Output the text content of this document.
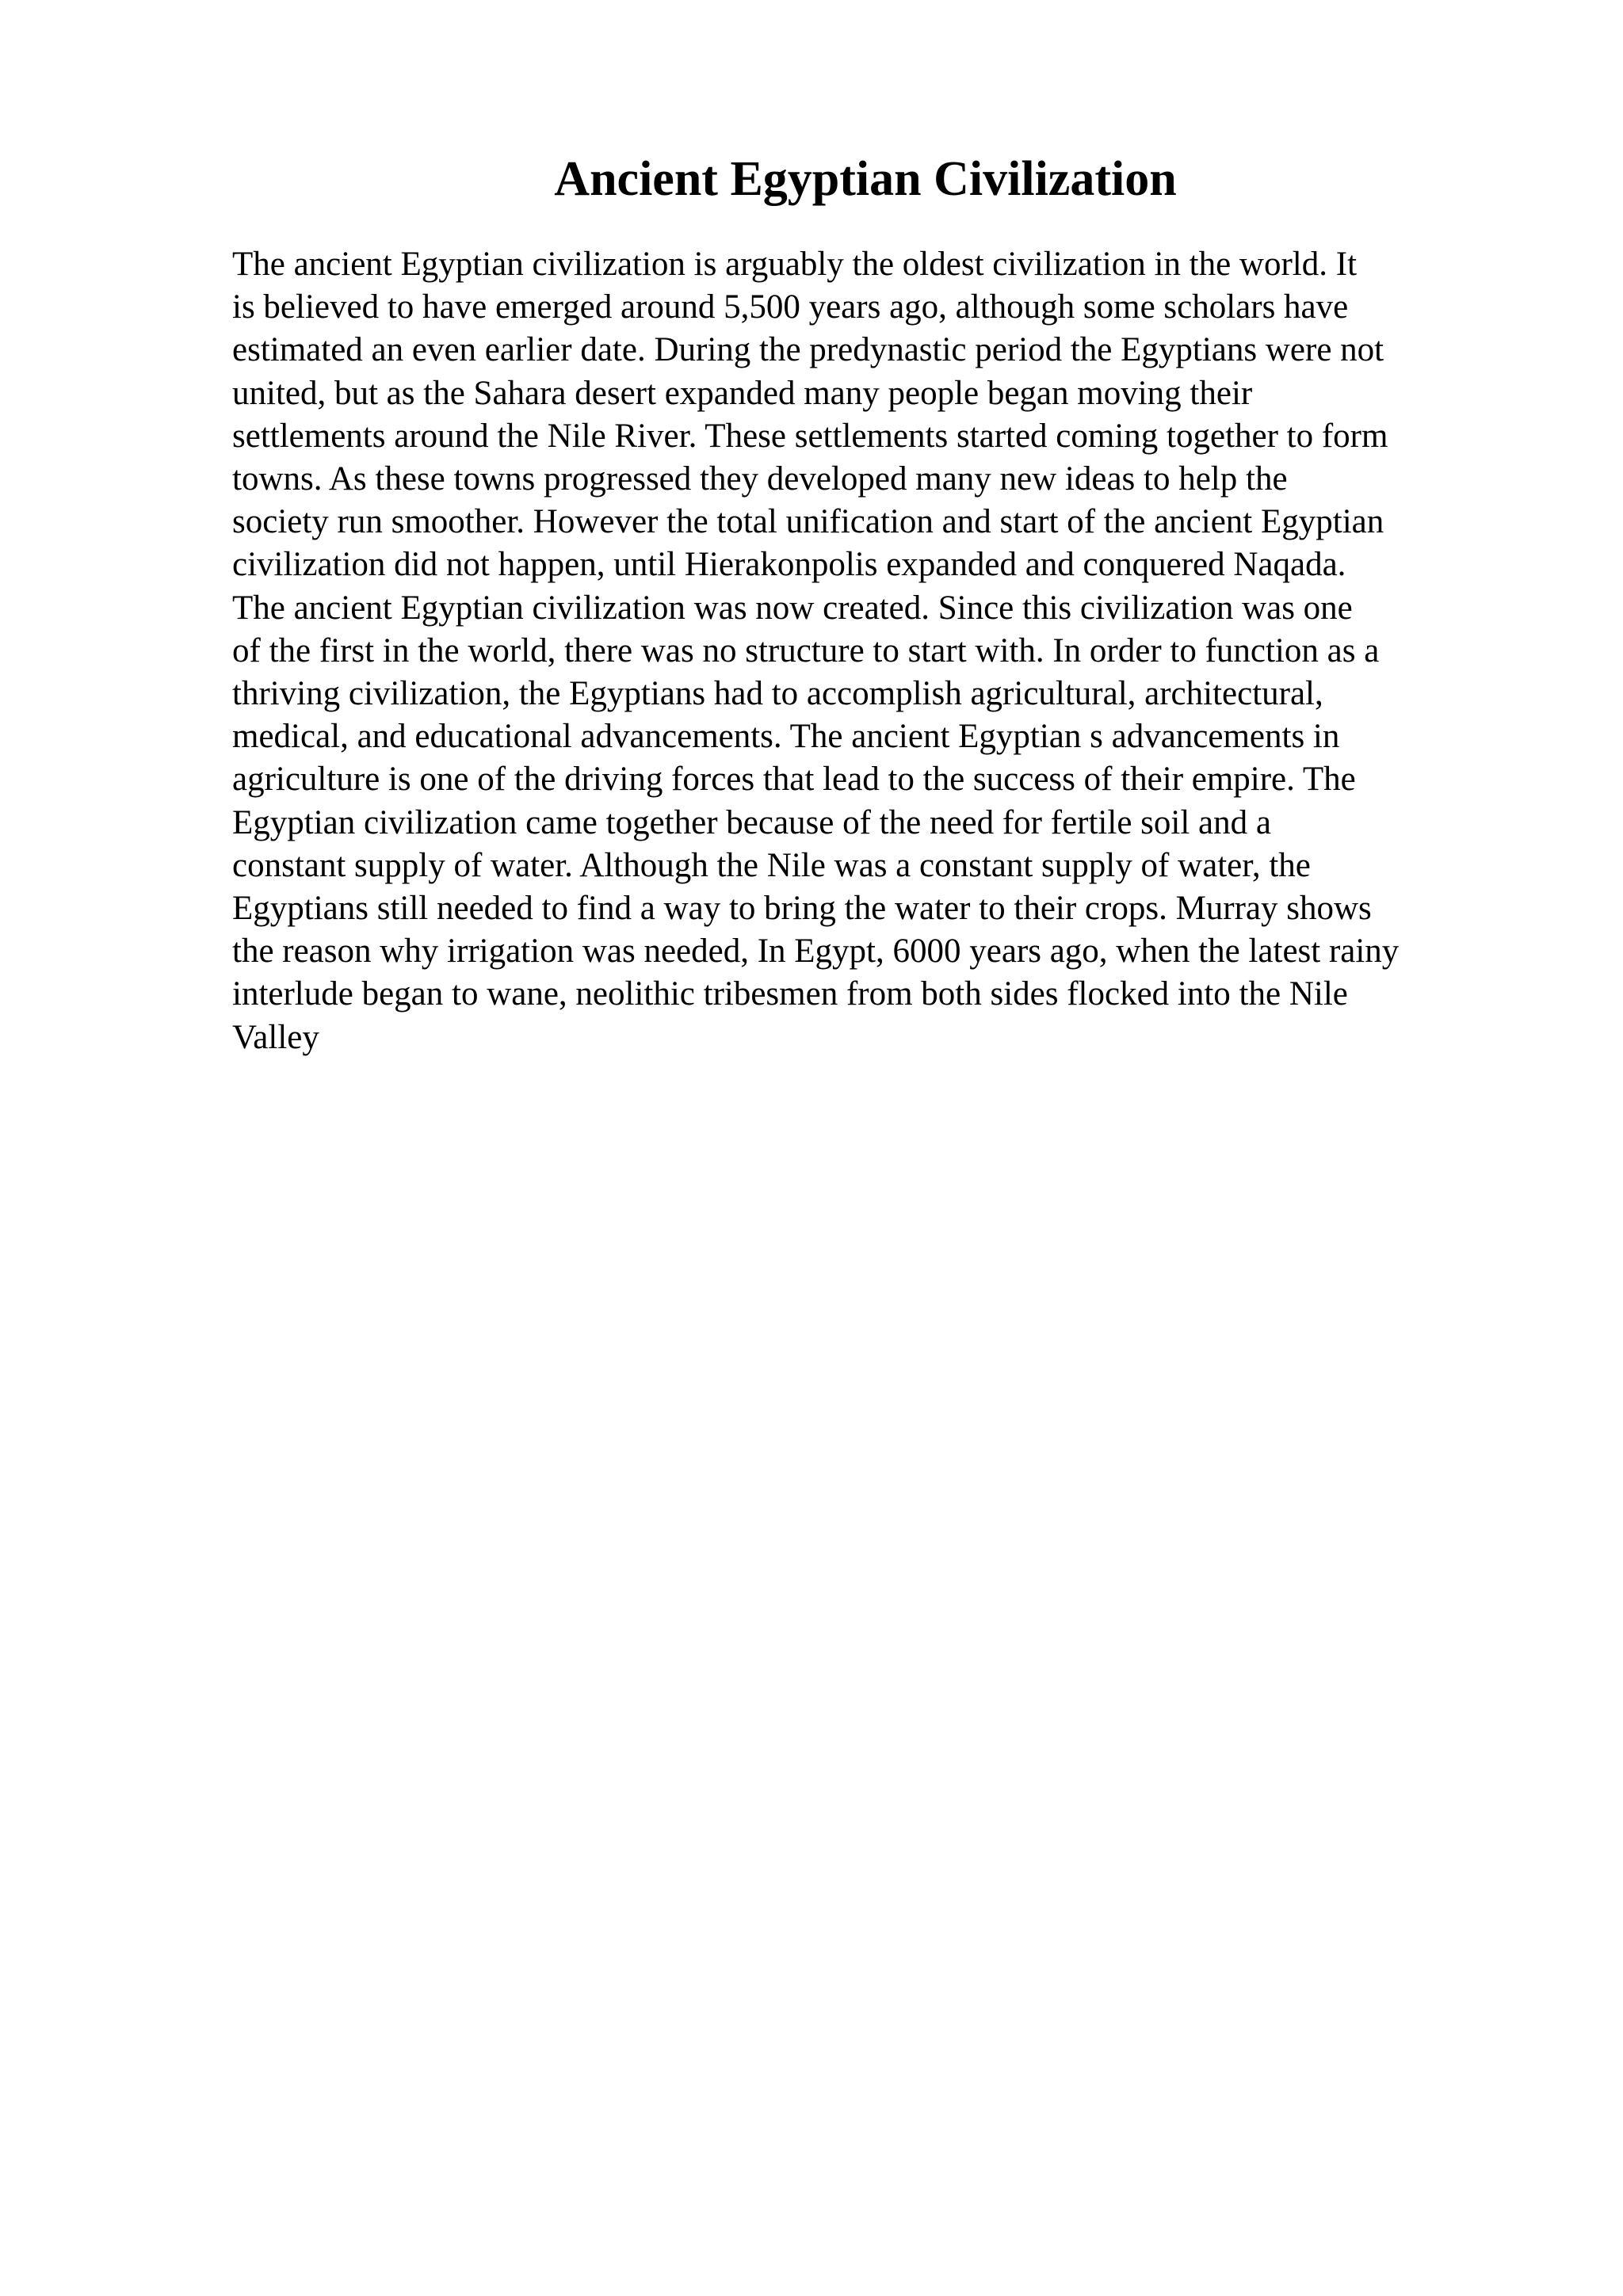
Ancient Egyptian Civilization
The ancient Egyptian civilization is arguably the oldest civilization in the world. It
is believed to have emerged around 5,500 years ago, although some scholars have
estimated an even earlier date. During the predynastic period the Egyptians were not
united, but as the Sahara desert expanded many people began moving their
settlements around the Nile River. These settlements started coming together to form
towns. As these towns progressed they developed many new ideas to help the
society run smoother. However the total unification and start of the ancient Egyptian
civilization did not happen, until Hierakonpolis expanded and conquered Naqada.
The ancient Egyptian civilization was now created. Since this civilization was one
of the first in the world, there was no structure to start with. In order to function as a
thriving civilization, the Egyptians had to accomplish agricultural, architectural,
medical, and educational advancements. The ancient Egyptian s advancements in
agriculture is one of the driving forces that lead to the success of their empire. The
Egyptian civilization came together because of the need for fertile soil and a
constant supply of water. Although the Nile was a constant supply of water, the
Egyptians still needed to find a way to bring the water to their crops. Murray shows
the reason why irrigation was needed, In Egypt, 6000 years ago, when the latest rainy
interlude began to wane, neolithic tribesmen from both sides flocked into the Nile
Valley
